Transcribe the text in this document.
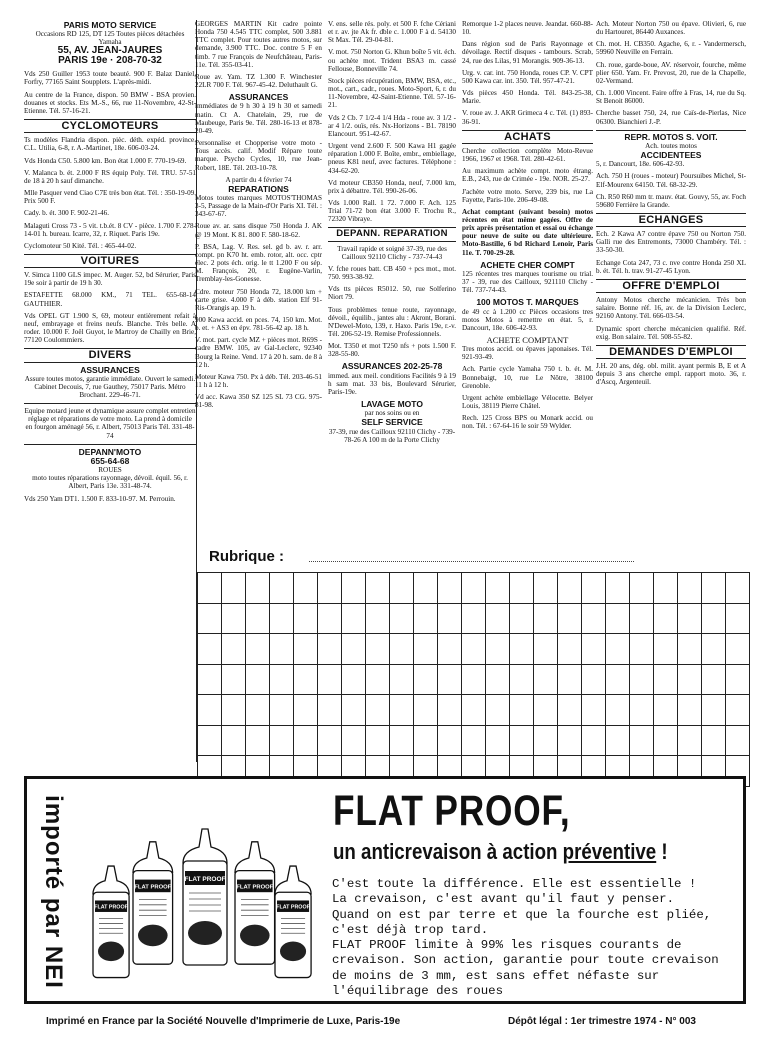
PARIS MOTO SERVICE
Occasions RD 125, DT 125 Toutes pièces détachées Yamaha
55, AV. JEAN-JAURES
PARIS 19e · 208-70-32
Vds 250 Guiller 1953 toute beauté. 900 F. Balaz Daniel, Forfry, 77165 Saint Soupplets. L'après-midi.
Au centre de la France, dispon. 50 BMW - BSA provien. douanes et stocks. Ets M.-S., 66, rue 11-Novembre, 42-St-Etienne. Tél. 57-16-21.
CYCLOMOTEURS
Ts modèles Flandria dispon. pièc. déth. expéd. province. C.L. Utilia, 6-8, r. A.-Martinet, 18e. 606-03-24.
Vds Honda C50. 5.800 km. Bon état 1.000 F. 770-19-69.
V. Malanca b. ét. 2.000 F RS équip Poly. Tél. TRU. 57-51 de 18 à 20 h sauf dimanche.
Mlle Pasquer vend Ciao C7E très bon état. Tél. : 350-19-09. Prix 500 F.
Cady. b. ét. 300 F. 902-21-46.
Malaguti Cross 73 - 5 vit. t.b.ét. 8 CV - pièce. 1.700 F. 278-14-01 h. bureau. Icarre, 32, r. Riquet. Paris 19e.
Cyclomoteur 50 Kité. Tél. : 465-44-02.
VOITURES
V. Simca 1100 GLS impec. M. Auger. 52, bd Sérurier, Paris 19e soir à partir de 19 h 30.
ESTAFETTE 68.000 KM., 71 TEL. 655-68-14 GAUTHIER.
Vds OPEL GT 1.900 S, 69, moteur entièrement refait à neuf, embrayage et freins neufs. Blanche. Très belle. A roder. 10.000 F. Joël Guyot, le Martroy de Chailly en Brie, 77120 Coulommiers.
DIVERS
ASSURANCES
Assure toutes motos, garantie immédiate. Ouvert le samedi. Cabinet Decouis, 7, rue Gauthey, 75017 Paris. Métro Brochant. 229-46-71.
Equipe motard jeune et dynamique assure complet entretien réglage et réparations de votre moto. La prend à domicile en fourgon aménagé 56, r. Albert, 75013 Paris Tél. 331-48-74
DEPANN'MOTO
655-64-68
ROUES
moto toutes réparations rayonnage, dévoil. équil. 56, r. Albert, Paris 13e. 331-48-74.
Vds 250 Yam DT1. 1.500 F. 833-10-97. M. Perrouin.
GEORGES MARTIN Kit cadre pointe Honda 750 4.545 TTC complet, 500 3.881 TTC complet. Pour toutes autres motos, sur demande, 3.900 TTC. Doc. contre 5 F en timb. 7 rue François de Neufchâteau, Paris-11e. Tél. 355-03-41.
Roue av. Yam. TZ 1.300 F. Winchester 22LR 700 F. Tél. 967-45-42. Deluthault G.
ASSURANCES
immédiates de 9 h 30 à 19 h 30 et samedi matin. Ct A. Chatelain, 29, rue de Maubeuge, Paris 9e. Tél. 280-16-13 et 878-20-49.
Personnalise et Chopperise votre moto - Tous accès. calif. Modif Répare toute marque. Psycho Cycles, 10, rue Jean-Robert, 18E. Tél. 203-10-78.
A partir du 4 février 74
REPARATIONS
Motos toutes marques MOTOS'THOMAS 3-5, Passage de la Main-d'Or Paris XI. Tél. : 343-67-67.
Roue av. ar. sans disque 750 Honda J. AK @ 19 Mont. K 81. 800 F. 580-18-62.
P. BSA, Lag. V. Res. sel. gd b. av. r. arr. compt. pn K70 ht. emb. rotor, alt. occ. cptr élec. 2 pots éch. orig. le tt 1.200 F ou sép. M. François, 20, r. Eugène-Varlin, Tremblay-les-Gonesse.
Cdre. moteur 750 Honda 72, 18.000 km + carte grise. 4.000 F à déb. station Elf 91-Ris-Orangis ap. 19 h.
900 Kawa accid. en pces. 74, 150 km. Mot. b. et. + AS3 en épv. 781-56-42 ap. 18 h.
V. mot. part. cycle MZ + pièces mot. R69S - cadre BMW. 105, av Gal-Leclerc, 92340 Bourg la Reine. Vend. 17 à 20 h. sam. de 8 à 12 h.
Moteur Kawa 750. Px à déb. Tél. 203-46-51 11 h à 12 h.
Vd acc. Kawa 350 SZ 125 SL 73 CG. 975-81-98.
V. ens. selle rés. poly. et 500 F. fche Cériani et r. av. jte Ak fr. dble c. 1.000 F à d. 54130 St Max. Tél. 29-04-81.
V. mot. 750 Norton G. Khun boîte 5 vit. éch. ou achète mot. Trident BSA3 m. cassé Fellouse, Bonneville 74.
Stock pièces récupération, BMW, BSA, etc., mot., cart., cadr., roues. Moto-Sport, 6, r. du 11-Novembre, 42-Saint-Etienne. Tél. 57-16-21.
Vds 2 Cb. 7 1/2-4 1/4 Hda - roue av. 3 1/2 - ar 4 1/2. ouïs, rés. Nx-Horizons - B1. 78190 Elancourt. 951-42-67.
Urgent vend 2.600 F. 500 Kawa H1 gagée réparation 1.000 F. Boîte, embr., embiellage, pneus K81 neuf, avec factures. Téléphone : 434-62-20.
Vd moteur CB350 Honda, neuf, 7.000 km, prix à débattre. Tél. 990-26-06.
Vds 1.000 Rall. 1 72. 7.000 F. Ach. 125 Trial 71-72 bon état 3.000 F. Trochu R., 72320 Vibraye.
DEPANN. REPARATION
Travail rapide et soigné 37-39, rue des Cailloux 92110 Clichy - 737-74-43
V. fche roues batt. CB 450 + pcs mot., mot. 750. 993-38-92.
Vds tts pièces R5012. 50, rue Solferino Niort 79.
Tous problèmes tenue route, rayonnage, dévoil., équilib., jantes alu : Akront, Borani. N'Dewel-Moto, 139, r. Haxo. Paris 19e, r.-v. Tél. 206-52-19. Remise Professionnels.
Mot. T350 et mot T250 nfs + pots 1.500 F. 328-55-80.
ASSURANCES 202-25-78
immed. aux meil. conditions Facilités 9 à 19 h sam mat. 33 bis, Boulevard Sérurier, Paris-19e.
LAVAGE MOTO
par nos soins ou en
SELF SERVICE
37-39, rue des Cailloux 92110 Clichy - 739-78-26 A 100 m de la Porte Clichy
Remorque 1-2 places neuve. Jeandat. 660-88-10.
Dans région sud de Paris Rayonnage et dévoilage. Rectif disques - tambours. Scrab, 24, rue des Lilas, 91 Morangis. 909-36-13.
Urg. v. car. int. 750 Honda, roues CP. V. CPT 500 Kawa car. int. 350. Tél. 957-47-21.
Vds pièces 450 Honda. Tél. 843-25-38, Marie.
V. roue av. J. AKR Grimeca 4 c. Tél. (1) 893-36-91.
ACHATS
Cherche collection complète Moto-Revue 1966, 1967 et 1968. Tél. 280-42-61.
Au maximum achète compt. moto étrang. E.B., 243, rue de Crimée - 19e. NOR. 25-27.
J'achète votre moto. Serve, 239 bis, rue La Fayette, Paris-10e. 206-49-08.
Achat comptant (suivant besoin) motos récentes en état même gagées. Offre de prix après présentation et essai ou échange pour neuve de suite ou date ultérieure. Moto-Bastille, 6 bd Richard Lenoir, Paris 11e. T. 700-29-28.
ACHETE CHER COMPT
125 récentes tres marques tourisme ou trial. 37 - 39, rue des Cailloux, 921110 Clichy - Tél. 737-74-43.
100 MOTOS T. MARQUES
de 49 cc à 1.200 cc Pièces occasions tres motos Motos à remettre en état. 5, r. Dancourt, 18e. 606-42-93.
ACHETE COMPTANT
Tres motos accid. ou épaves japonaises. Tél. 921-93-49.
Ach. Partie cycle Yamaha 750 t. b. ét. M. Bonnebaigt, 10, rue Le Nôtre, 38100 Grenoble.
Urgent achète embiellage Vélocette. Belyer Louis, 38119 Pierre Châtel.
Rech. 125 Cross BPS ou Monark accid. ou non. Tél. : 67-64-16 le soir 59 Wylder.
Ach. Moteur Norton 750 ou épave. Olivieri, 6, rue du Hartouret, 86440 Auxances.
Ch. mot. H. CB350. Agache, 6, r. - Vandermersch, 59960 Neuville en Ferrain.
Ch. roue, garde-boue, AV. réservoir, fourche, même plier 650. Yam. Fr. Prevost, 20, rue de la Chapelle, 02-Vermand.
Ch. 1.000 Vincent. Faire offre à Fras, 14, rue du Sq. St Benoit 86000.
Cherche basset 750, 24, rue Caïs-de-Pierlas, Nice 06300. Bianchieri J.-P.
REPR. MOTOS S. VOIT.
Ach. toutes motos
ACCIDENTEES
5, r. Dancourt, 18e. 606-42-93.
Ach. 750 H (roues - moteur) Poursuibes Michel, St-Elf-Mourenx 64150. Tél. 68-32-29.
Ch. R50 R60 mm tr. mauv. état. Gouvy, 55, av. Foch 59680 Ferrière la Grande.
ECHANGES
Ech. 2 Kawa A7 contre épave 750 ou Norton 750. Galli rue des Entremonts, 73000 Chambéry. Tél. : 33-50-30.
Echange Cota 247, 73 c. nve contre Honda 250 XL b. ét. Tél. h. trav. 91-27-45 Lyon.
OFFRE D'EMPLOI
Antony Motos cherche mécanicien. Très bon salaire. Bonne réf. 16, av. de la Division Leclerc, 92160 Antony. Tél. 666-03-54.
Dynamic sport cherche mécanicien qualifié. Réf. exig. Bon salaire. Tél. 508-55-82.
DEMANDES D'EMPLOI
J.H. 20 ans, dég. obl. milit. ayant permis B, E et A depuis 3 ans cherche empl. rapport moto. 36, r. d'Ascq, Argenteuil.
Rubrique :
importé par NEI	FLAT PROOF	FLAT PROOF
FLAT PROOF	FLAT PROOF
FLAT PROOF
FLAT PROOF,
un anticrevaison à action préventive !
C'est toute la différence. Elle est essentielle !
La crevaison, c'est avant qu'il faut y penser.
Quand on est par terre et que la fourche est pliée,
c'est déjà trop tard.
FLAT PROOF limite à 99% les risques courants de
crevaison. Son action, garantie pour toute crevaison
de moins de 3 mm, est sans effet néfaste sur
l'équilibrage des roues
Imprimé en France par la Société Nouvelle d'Imprimerie de Luxe, Paris-19e	Dépôt légal : 1er trimestre 1974 - N° 003
